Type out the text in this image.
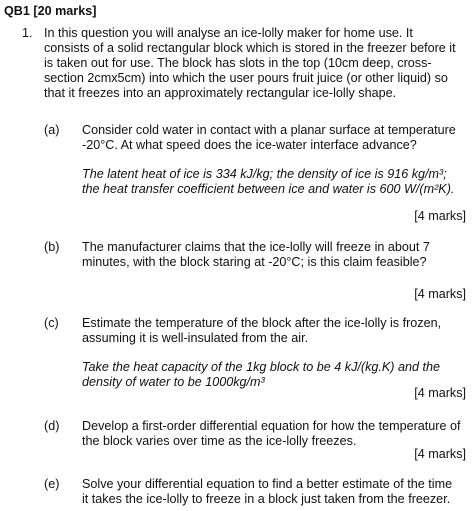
QB1 [20 marks]
1. In this question you will analyse an ice-lolly maker for home use. It
consists of a solid rectangular block which is stored in the freezer before it
is taken out for use. The block has slots in the top (10cm deep, cross-
section 2cmx5cm) into which the user pours fruit juice (or other liquid) so
that it freezes into an approximately rectangular ice-lolly shape.
(a) Consider cold water in contact with a planar surface at temperature
-20°C. At what speed does the ice-water interface advance?
The latent heat of ice is 334 kJ/kg; the density of ice is 916 kg/m³;
the heat transfer coefficient between ice and water is 600 W/(m²K).
[4 marks]
(b) The manufacturer claims that the ice-lolly will freeze in about 7
minutes, with the block staring at -20°C; is this claim feasible?
[4 marks]
(c) Estimate the temperature of the block after the ice-lolly is frozen,
assuming it is well-insulated from the air.
Take the heat capacity of the 1kg block to be 4 kJ/(kg.K) and the
density of water to be 1000kg/m³
[4 marks]
(d) Develop a first-order differential equation for how the temperature of
the block varies over time as the ice-lolly freezes.
[4 marks]
(e) Solve your differential equation to find a better estimate of the time
it takes the ice-lolly to freeze in a block just taken from the freezer.
